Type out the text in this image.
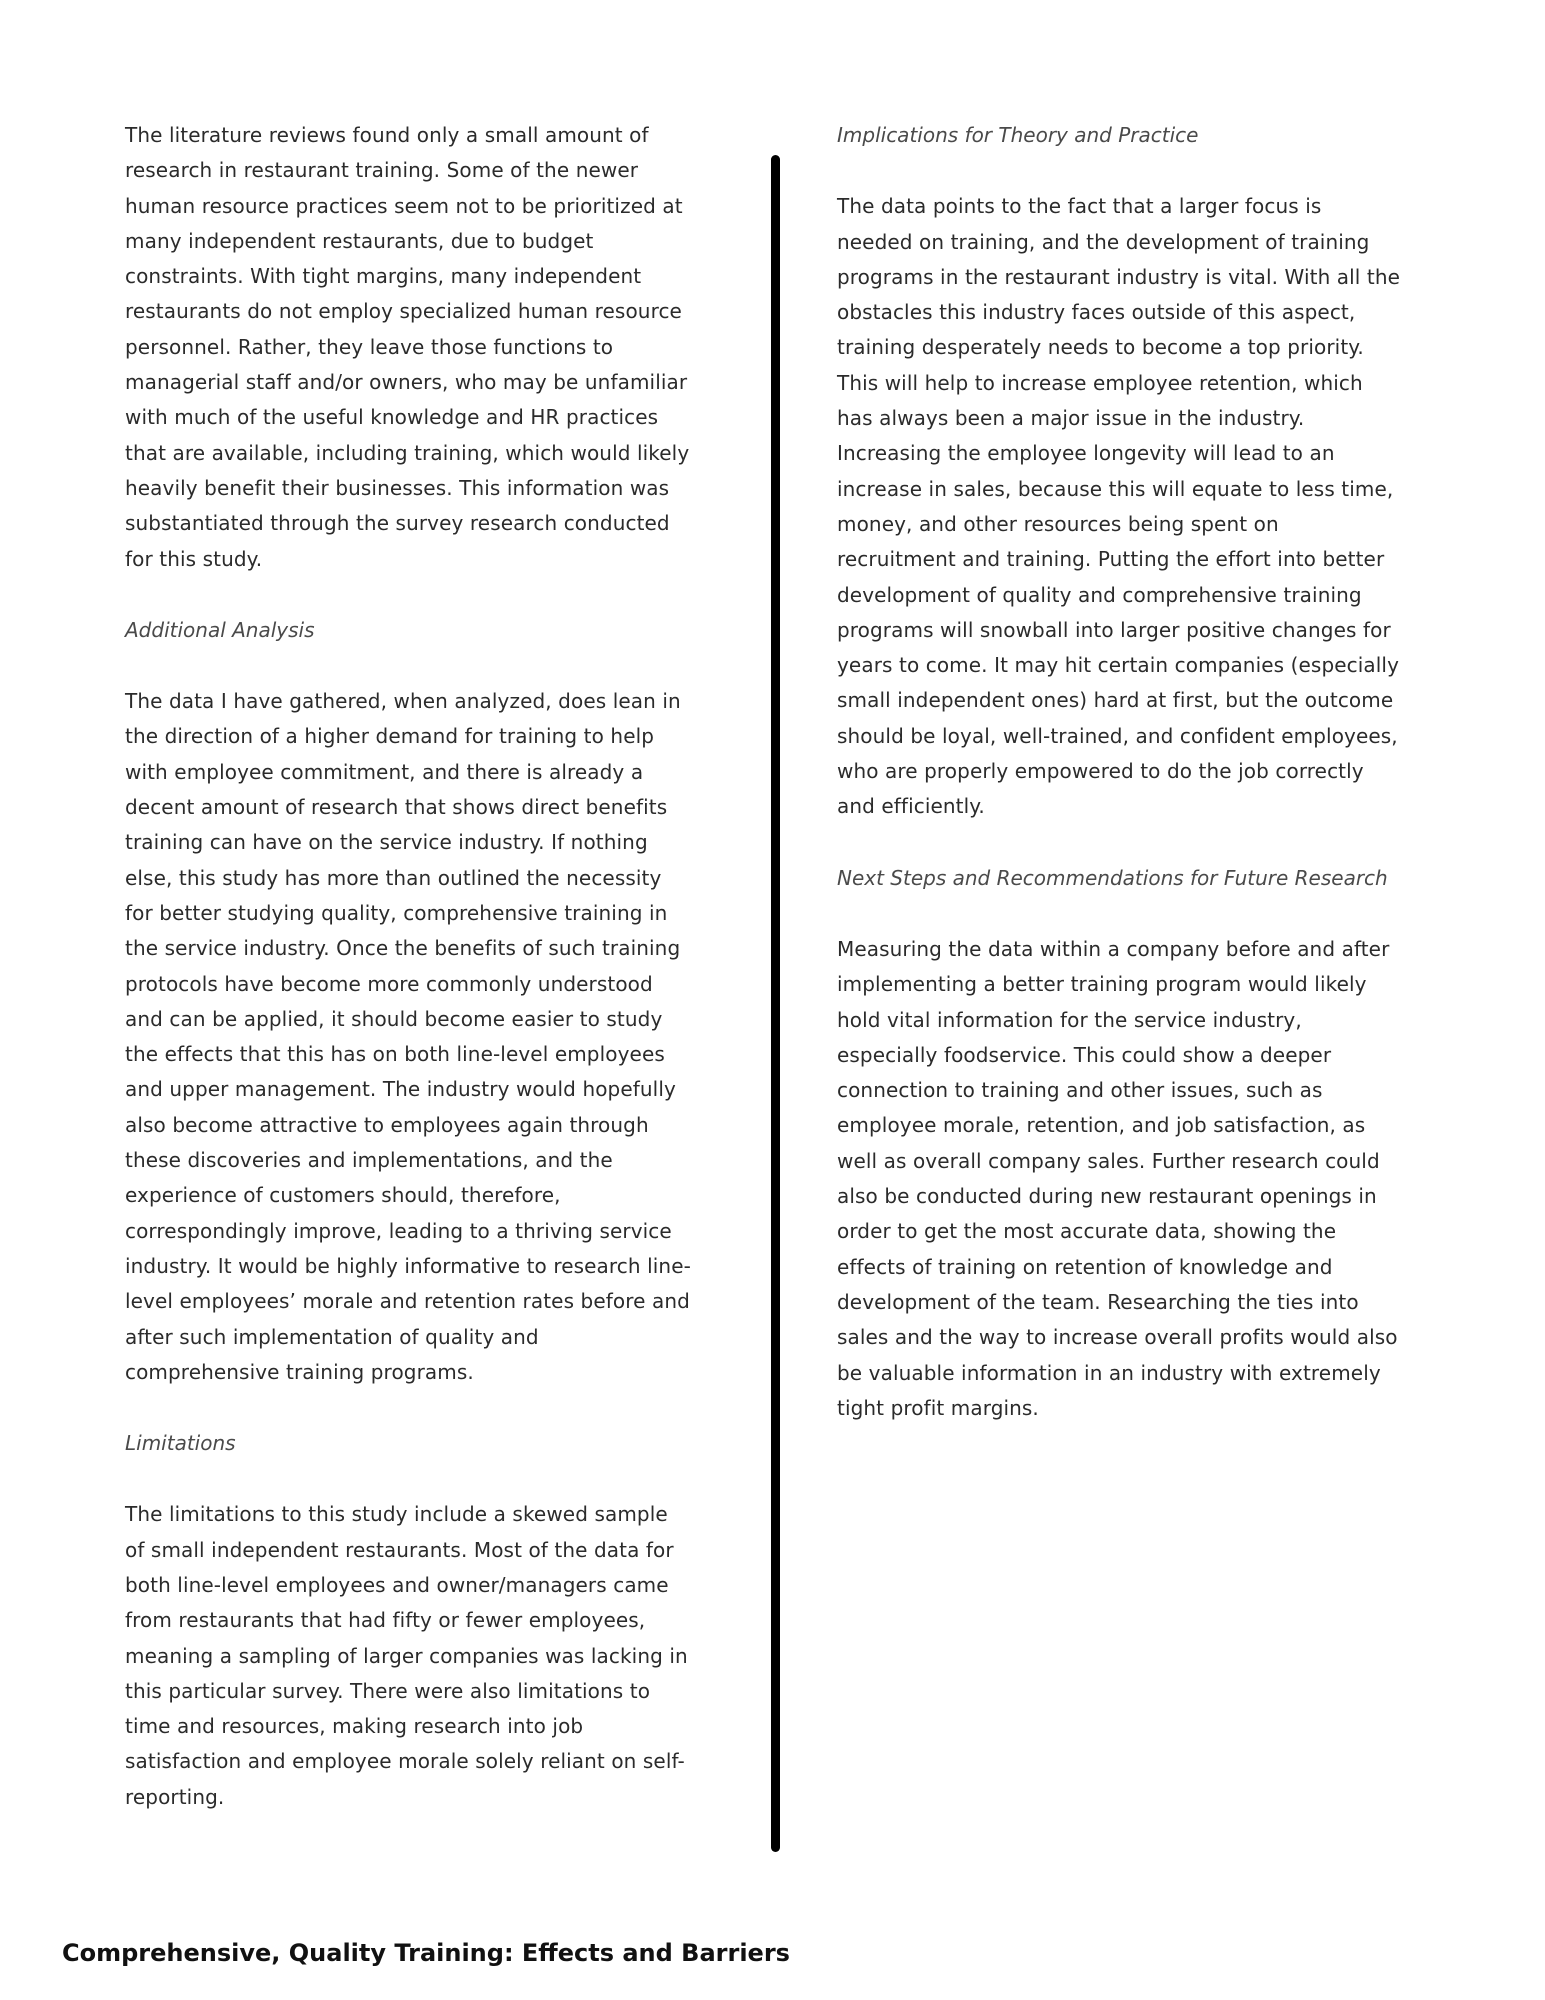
The literature reviews found only a small amount of research in restaurant training. Some of the newer human resource practices seem not to be prioritized at many independent restaurants, due to budget constraints. With tight margins, many independent restaurants do not employ specialized human resource personnel. Rather, they leave those functions to managerial staff and/or owners, who may be unfamiliar with much of the useful knowledge and HR practices that are available, including training, which would likely heavily benefit their businesses. This information was substantiated through the survey research conducted for this study.

Additional Analysis

The data I have gathered, when analyzed, does lean in the direction of a higher demand for training to help with employee commitment, and there is already a decent amount of research that shows direct benefits training can have on the service industry. If nothing else, this study has more than outlined the necessity for better studying quality, comprehensive training in the service industry. Once the benefits of such training protocols have become more commonly understood and can be applied, it should become easier to study the effects that this has on both line-level employees and upper management. The industry would hopefully also become attractive to employees again through these discoveries and implementations, and the experience of customers should, therefore, correspondingly improve, leading to a thriving service industry. It would be highly informative to research line-level employees’ morale and retention rates before and after such implementation of quality and comprehensive training programs.

Limitations

The limitations to this study include a skewed sample of small independent restaurants. Most of the data for both line-level employees and owner/managers came from restaurants that had fifty or fewer employees, meaning a sampling of larger companies was lacking in this particular survey. There were also limitations to time and resources, making research into job satisfaction and employee morale solely reliant on self-reporting.

Implications for Theory and Practice

The data points to the fact that a larger focus is needed on training, and the development of training programs in the restaurant industry is vital. With all the obstacles this industry faces outside of this aspect, training desperately needs to become a top priority. This will help to increase employee retention, which has always been a major issue in the industry. Increasing the employee longevity will lead to an increase in sales, because this will equate to less time, money, and other resources being spent on recruitment and training. Putting the effort into better development of quality and comprehensive training programs will snowball into larger positive changes for years to come. It may hit certain companies (especially small independent ones) hard at first, but the outcome should be loyal, well-trained, and confident employees, who are properly empowered to do the job correctly and efficiently.

Next Steps and Recommendations for Future Research

Measuring the data within a company before and after implementing a better training program would likely hold vital information for the service industry, especially foodservice. This could show a deeper connection to training and other issues, such as employee morale, retention, and job satisfaction, as well as overall company sales. Further research could also be conducted during new restaurant openings in order to get the most accurate data, showing the effects of training on retention of knowledge and development of the team. Researching the ties into sales and the way to increase overall profits would also be valuable information in an industry with extremely tight profit margins.

Comprehensive, Quality Training: Effects and Barriers
